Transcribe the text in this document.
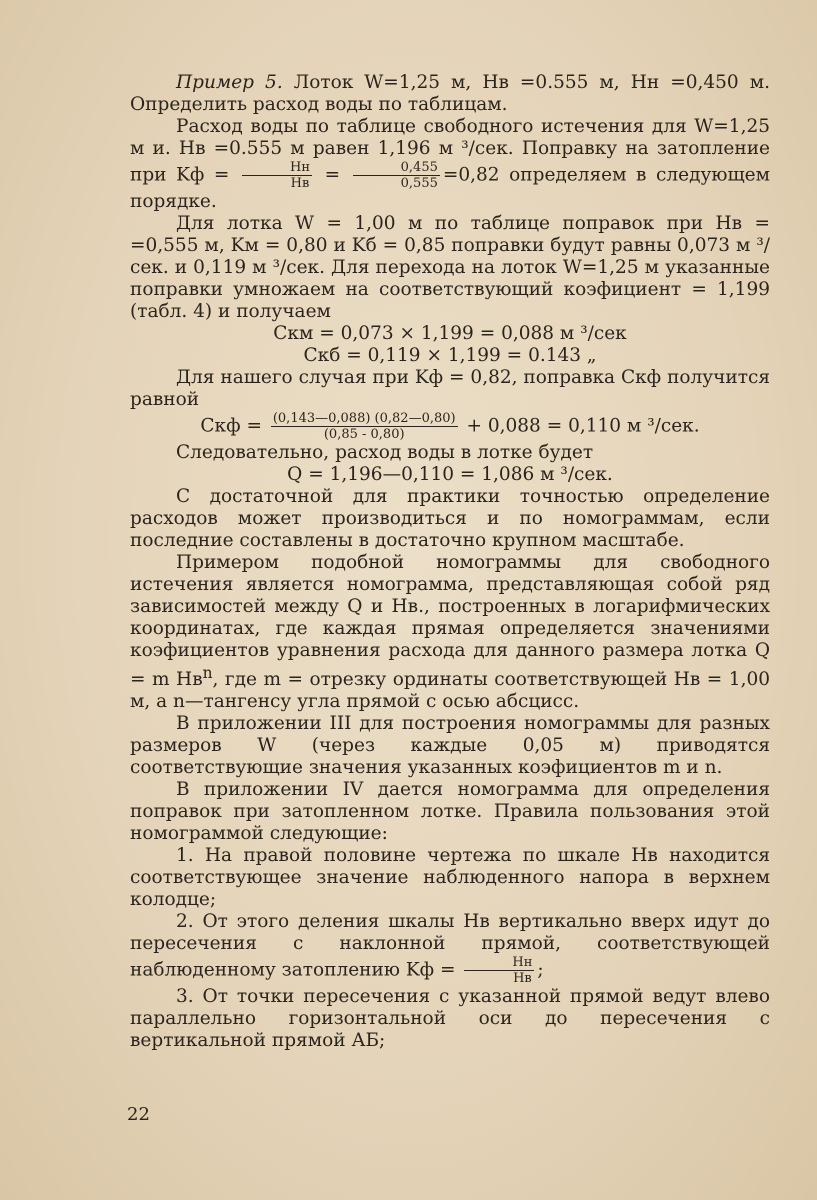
Пример 5. Лоток W=1,25 м, Hв =0.555 м, Hн =0,450 м. Определить расход воды по таблицам.

Расход воды по таблице свободного истечения для W=1,25 м и. Hв =0.555 м равен 1,196 м ³/сек. Поправку на затопление при Kф = $\frac{Hн}{Hв} = \frac{0,455}{0,555} =0,82$ определяем в следующем порядке.

Для лотка W = 1,00 м по таблице поправок при Hв = =0,555 м, Kм = 0,80 и Kб = 0,85 поправки будут равны 0,073 м ³/сек. и 0,119 м ³/сек. Для перехода на лоток W=1,25 м указанные поправки умножаем на соответствующий коэфициент = 1,199 (табл. 4) и получаем

Cкм = 0,073 × 1,199 = 0,088 м ³/сек

Cкб = 0,119 × 1,199 = 0.143 „

Для нашего случая при Kф = 0,82, поправка Cкф получится равной

Cкф = $\frac{(0,143—0,088) (0,82—0,80)}{(0,85 - 0,80)} + 0,088 = 0,110$ м ³/сек.

Следовательно, расход воды в лотке будет

Q = 1,196—0,110 = 1,086 м ³/сек.

С достаточной для практики точностью определение расходов может производиться и по номограммам, если последние составлены в достаточно крупном масштабе.

Примером подобной номограммы для свободного истечения является номограмма, представляющая собой ряд зависимостей между Q и Hв., построенных в логарифмических координатах, где каждая прямая определяется значениями коэфициентов уравнения расхода для данного размера лотка Q = m $Hв^n$, где m = отрезку ординаты соответствующей Hв = 1,00 м, а n—тангенсу угла прямой с осью абсцисс.

В приложении III для построения номограммы для разных размеров W (через каждые 0,05 м) приводятся соответствующие значения указанных коэфициентов m и n.

В приложении IV дается номограмма для определения поправок при затопленном лотке. Правила пользования этой номограммой следующие:

1. На правой половине чертежа по шкале Hв находится соответствующее значение наблюденного напора в верхнем колодце;

2. От этого деления шкалы Hв вертикально вверх идут до пересечения с наклонной прямой, соответствующей наблюденному затоплению Kф = $\frac{Hн}{Hв}$ ;

3. От точки пересечения с указанной прямой ведут влево параллельно горизонтальной оси до пересечения с вертикальной прямой АБ;

22
